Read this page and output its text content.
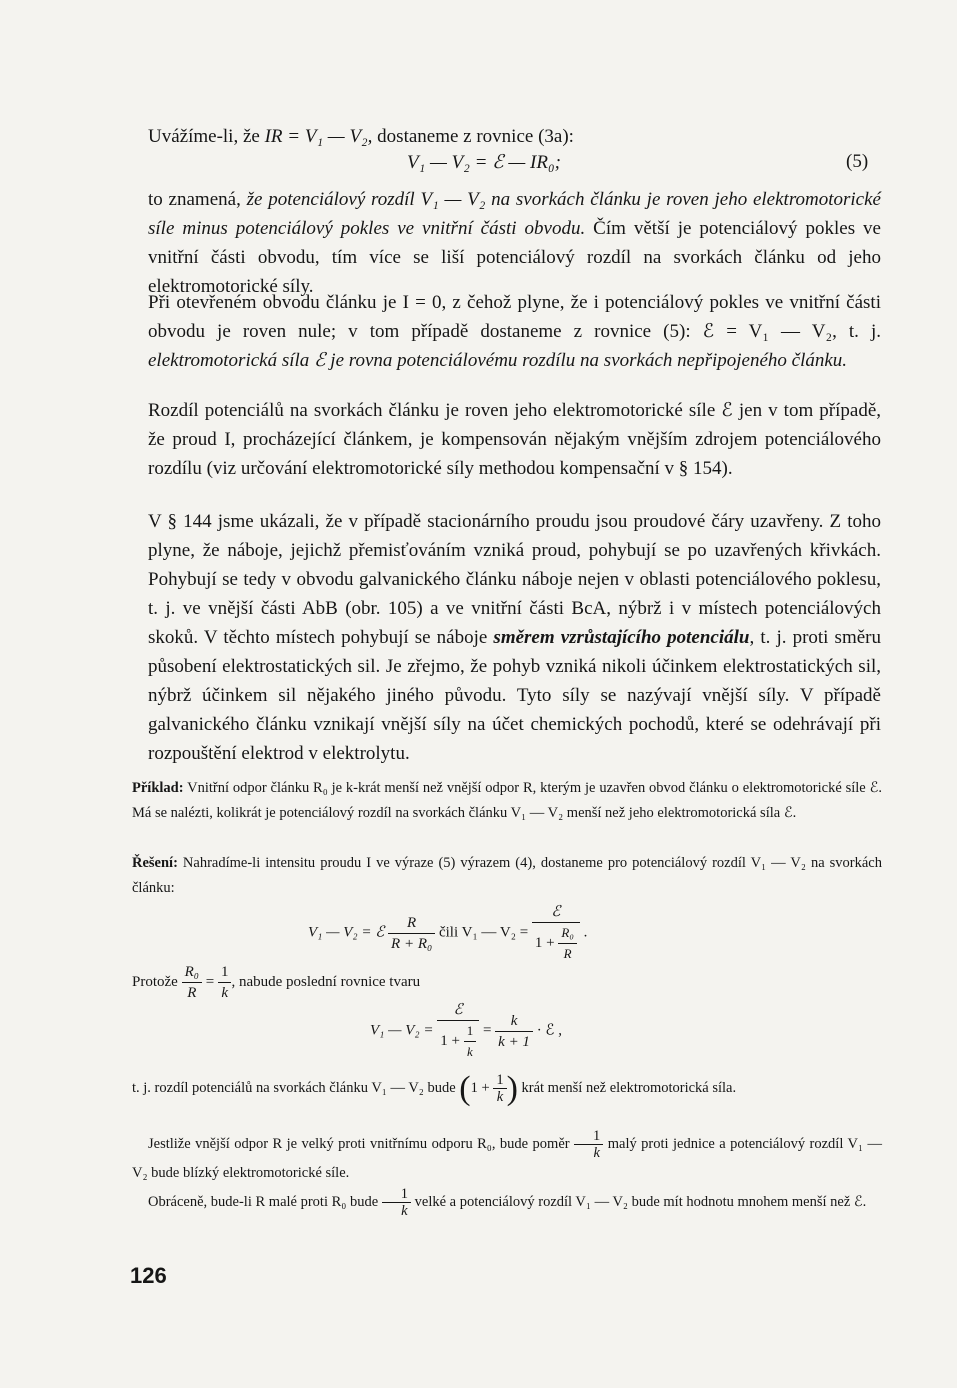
Uvážíme-li, že IR = V₁ — V₂, dostaneme z rovnice (3a):

V₁ — V₂ = ℰ — IR₀;	(5)

to znamená, že potenciálový rozdíl V₁ — V₂ na svorkách článku je roven jeho elektromotorické síle minus potenciálový pokles ve vnitřní části obvodu. Čím větší je potenciálový pokles ve vnitřní části obvodu, tím více se liší potenciálový rozdíl na svorkách článku od jeho elektromotorické síly.

Při otevřeném obvodu článku je I = 0, z čehož plyne, že i potenciálový pokles ve vnitřní části obvodu je roven nule; v tom případě dostaneme z rovnice (5): ℰ = V₁ — V₂, t. j. elektromotorická síla ℰ je rovna potenciálovému rozdílu na svorkách nepřipojeného článku.

Rozdíl potenciálů na svorkách článku je roven jeho elektromotorické síle ℰ jen v tom případě, že proud I, procházející článkem, je kompensován nějakým vnějším zdrojem potenciálového rozdílu (viz určování elektromotorické síly methodou kompensační v § 154).

V § 144 jsme ukázali, že v případě stacionárního proudu jsou proudové čáry uzavřeny. Z toho plyne, že náboje, jejichž přemisťováním vzniká proud, pohybují se po uzavřených křivkách. Pohybují se tedy v obvodu galvanického článku náboje nejen v oblasti potenciálového poklesu, t. j. ve vnější části AbB (obr. 105) a ve vnitřní části BcA, nýbrž i v místech potenciálových skoků. V těchto místech pohybují se náboje směrem vzrůstajícího potenciálu, t. j. proti směru působení elektrostatických sil. Je zřejmo, že pohyb vzniká nikoli účinkem elektrostatických sil, nýbrž účinkem sil nějakého jiného původu. Tyto síly se nazývají vnější síly. V případě galvanického článku vznikají vnější síly na účet chemických pochodů, které se odehrávají při rozpouštění elektrod v elektrolytu.

Příklad: Vnitřní odpor článku R₀ je k-krát menší než vnější odpor R, kterým je uzavřen obvod článku o elektromotorické síle ℰ. Má se nalézti, kolikrát je potenciálový rozdíl na svorkách článku V₁ — V₂ menší než jeho elektromotorická síla ℰ.

Řešení: Nahradíme-li intensitu proudu I ve výraze (5) výrazem (4), dostaneme pro potenciálový rozdíl V₁ — V₂ na svorkách článku:

V₁ — V₂ = ℰ $\frac{R}{\text{R + R₀}}$ čili V₁ — $V_2 = \frac{\text{ℰ}}{1 + \frac{\text{R₀}}{R}}$ .
Protože $\frac{\text{R₀}}{R} = \frac{1}{k}$ , nabude poslední rovnice tvaru
V₁ — $V_2 = \frac{\text{ℰ}}{1 + \frac{1}{k}} = \frac{k}{k + 1}$ · ℰ ,

t. j. rozdíl potenciálů na svorkách článku V₁ — V₂ bude ($1 + \frac{1}{k}$ ) krát menší než elektromotorická síla.

Jestliže vnější odpor R je velký proti vnitřnímu odporu R₀, bude poměr $\frac{1}{k}$ malý proti jednice a potenciálový rozdíl V₁ — V₂ bude blízký elektromotorické síle.

Obráceně, bude-li R malé proti R₀ bude $\frac{1}{k}$ velké a potenciálový rozdíl V₁ — V₂ bude mít hodnotu mnohem menší než ℰ.

126
